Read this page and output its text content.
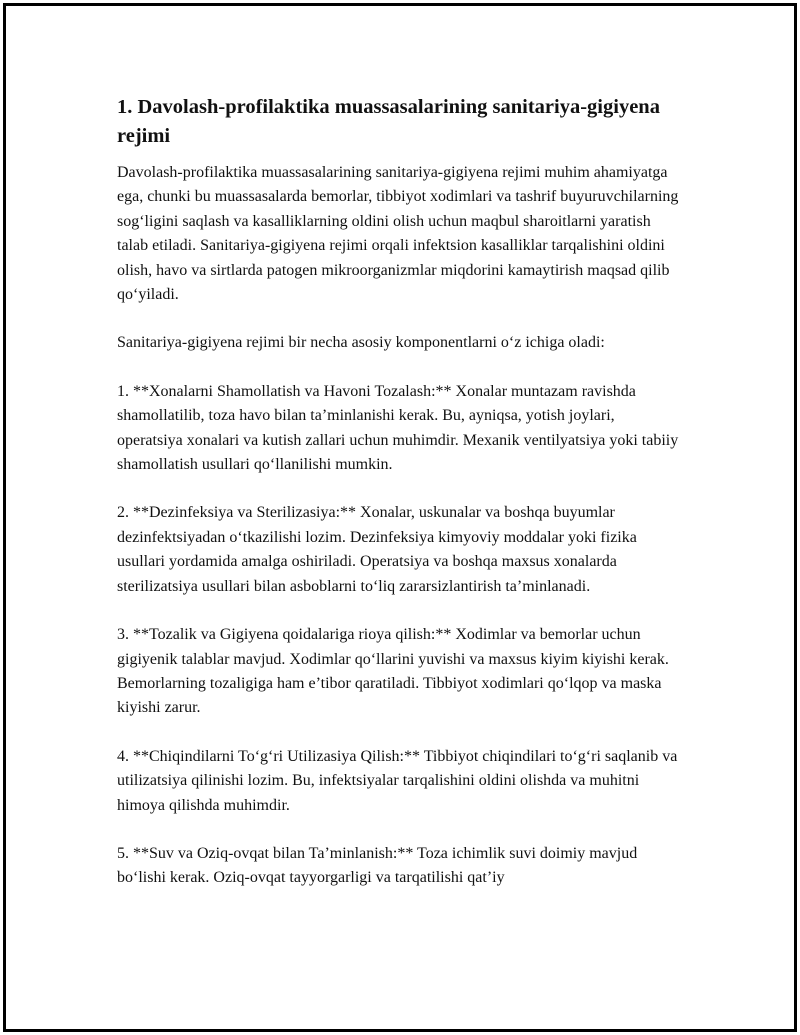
1. Davolash-profilaktika muassasalarining sanitariya-gigiyena rejimi

Davolash-profilaktika muassasalarining sanitariya-gigiyena rejimi muhim ahamiyatga ega, chunki bu muassasalarda bemorlar, tibbiyot xodimlari va tashrif buyuruvchilarning sog‘ligini saqlash va kasalliklarning oldini olish uchun maqbul sharoitlarni yaratish talab etiladi. Sanitariya-gigiyena rejimi orqali infektsion kasalliklar tarqalishini oldini olish, havo va sirtlarda patogen mikroorganizmlar miqdorini kamaytirish maqsad qilib qo‘yiladi.

Sanitariya-gigiyena rejimi bir necha asosiy komponentlarni o‘z ichiga oladi:

1. **Xonalarni Shamollatish va Havoni Tozalash:** Xonalar muntazam ravishda shamollatilib, toza havo bilan ta’minlanishi kerak. Bu, ayniqsa, yotish joylari, operatsiya xonalari va kutish zallari uchun muhimdir. Mexanik ventilyatsiya yoki tabiiy shamollatish usullari qo‘llanilishi mumkin.

2. **Dezinfeksiya va Sterilizasiya:** Xonalar, uskunalar va boshqa buyumlar dezinfektsiyadan o‘tkazilishi lozim. Dezinfeksiya kimyoviy moddalar yoki fizika usullari yordamida amalga oshiriladi. Operatsiya va boshqa maxsus xonalarda sterilizatsiya usullari bilan asboblarni to‘liq zararsizlantirish ta’minlanadi.

3. **Tozalik va Gigiyena qoidalariga rioya qilish:** Xodimlar va bemorlar uchun gigiyenik talablar mavjud. Xodimlar qo‘llarini yuvishi va maxsus kiyim kiyishi kerak. Bemorlarning tozaligiga ham e’tibor qaratiladi. Tibbiyot xodimlari qo‘lqop va maska kiyishi zarur.

4. **Chiqindilarni To‘g‘ri Utilizasiya Qilish:** Tibbiyot chiqindilari to‘g‘ri saqlanib va utilizatsiya qilinishi lozim. Bu, infektsiyalar tarqalishini oldini olishda va muhitni himoya qilishda muhimdir.

5. **Suv va Oziq-ovqat bilan Ta’minlanish:** Toza ichimlik suvi doimiy mavjud bo‘lishi kerak. Oziq-ovqat tayyorgarligi va tarqatilishi qat’iy
